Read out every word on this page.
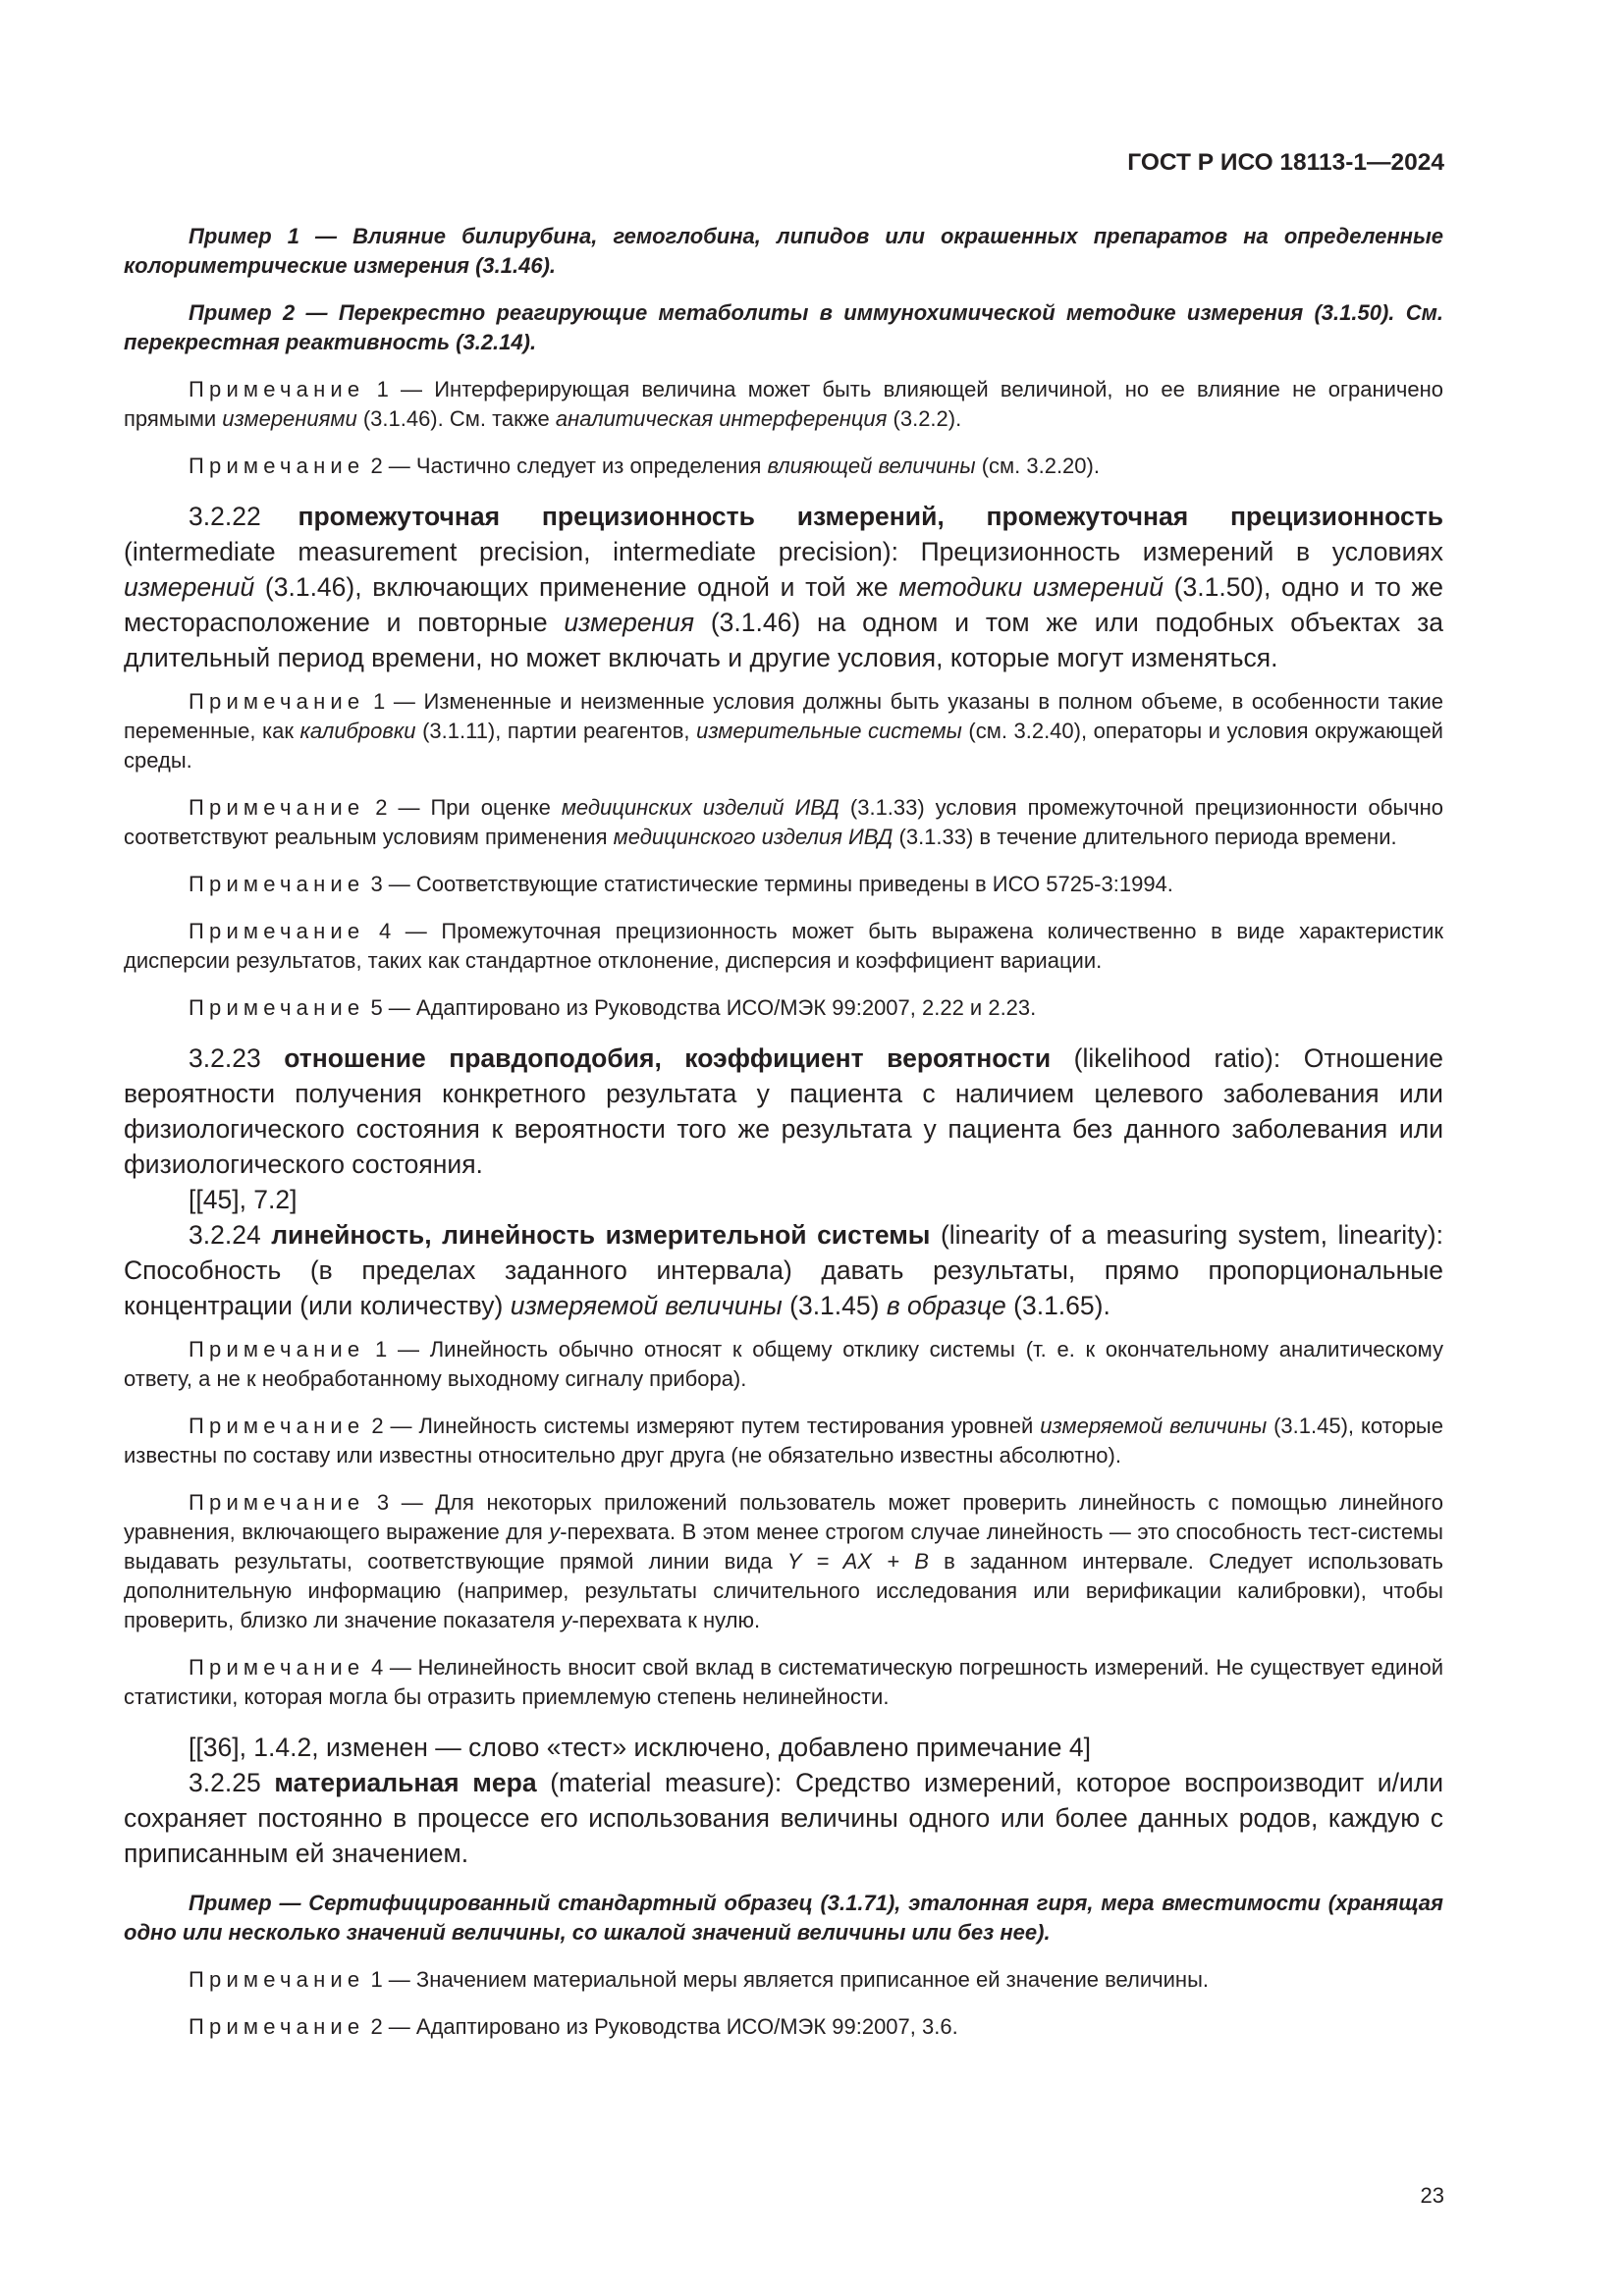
ГОСТ Р ИСО 18113-1—2024

Пример 1 — Влияние билирубина, гемоглобина, липидов или окрашенных препаратов на определенные колориметрические измерения (3.1.46).

Пример 2 — Перекрестно реагирующие метаболиты в иммунохимической методике измерения (3.1.50). См. перекрестная реактивность (3.2.14).

Примечание 1 — Интерферирующая величина может быть влияющей величиной, но ее влияние не ограничено прямыми измерениями (3.1.46). См. также аналитическая интерференция (3.2.2).

Примечание 2 — Частично следует из определения влияющей величины (см. 3.2.20).

3.2.22 промежуточная прецизионность измерений, промежуточная прецизионность (intermediate measurement precision, intermediate precision): Прецизионность измерений в условиях измерений (3.1.46), включающих применение одной и той же методики измерений (3.1.50), одно и то же месторасположение и повторные измерения (3.1.46) на одном и том же или подобных объектах за длительный период времени, но может включать и другие условия, которые могут изменяться.

Примечание 1 — Измененные и неизменные условия должны быть указаны в полном объеме, в особенности такие переменные, как калибровки (3.1.11), партии реагентов, измерительные системы (см. 3.2.40), операторы и условия окружающей среды.

Примечание 2 — При оценке медицинских изделий ИВД (3.1.33) условия промежуточной прецизионности обычно соответствуют реальным условиям применения медицинского изделия ИВД (3.1.33) в течение длительного периода времени.

Примечание 3 — Соответствующие статистические термины приведены в ИСО 5725-3:1994.

Примечание 4 — Промежуточная прецизионность может быть выражена количественно в виде характеристик дисперсии результатов, таких как стандартное отклонение, дисперсия и коэффициент вариации.

Примечание 5 — Адаптировано из Руководства ИСО/МЭК 99:2007, 2.22 и 2.23.

3.2.23 отношение правдоподобия, коэффициент вероятности (likelihood ratio): Отношение вероятности получения конкретного результата у пациента с наличием целевого заболевания или физиологического состояния к вероятности того же результата у пациента без данного заболевания или физиологического состояния.

[[45], 7.2]

3.2.24 линейность, линейность измерительной системы (linearity of a measuring system, linearity): Способность (в пределах заданного интервала) давать результаты, прямо пропорциональные концентрации (или количеству) измеряемой величины (3.1.45) в образце (3.1.65).

Примечание 1 — Линейность обычно относят к общему отклику системы (т. е. к окончательному аналитическому ответу, а не к необработанному выходному сигналу прибора).

Примечание 2 — Линейность системы измеряют путем тестирования уровней измеряемой величины (3.1.45), которые известны по составу или известны относительно друг друга (не обязательно известны абсолютно).

Примечание 3 — Для некоторых приложений пользователь может проверить линейность с помощью линейного уравнения, включающего выражение для y-перехвата. В этом менее строгом случае линейность — это способность тест-системы выдавать результаты, соответствующие прямой линии вида Y = AX + B в заданном интервале. Следует использовать дополнительную информацию (например, результаты сличительного исследования или верификации калибровки), чтобы проверить, близко ли значение показателя y-перехвата к нулю.

Примечание 4 — Нелинейность вносит свой вклад в систематическую погрешность измерений. Не существует единой статистики, которая могла бы отразить приемлемую степень нелинейности.

[[36], 1.4.2, изменен — слово «тест» исключено, добавлено примечание 4]

3.2.25 материальная мера (material measure): Средство измерений, которое воспроизводит и/или сохраняет постоянно в процессе его использования величины одного или более данных родов, каждую с приписанным ей значением.

Пример — Сертифицированный стандартный образец (3.1.71), эталонная гиря, мера вместимости (хранящая одно или несколько значений величины, со шкалой значений величины или без нее).

Примечание 1 — Значением материальной меры является приписанное ей значение величины.

Примечание 2 — Адаптировано из Руководства ИСО/МЭК 99:2007, 3.6.

23
